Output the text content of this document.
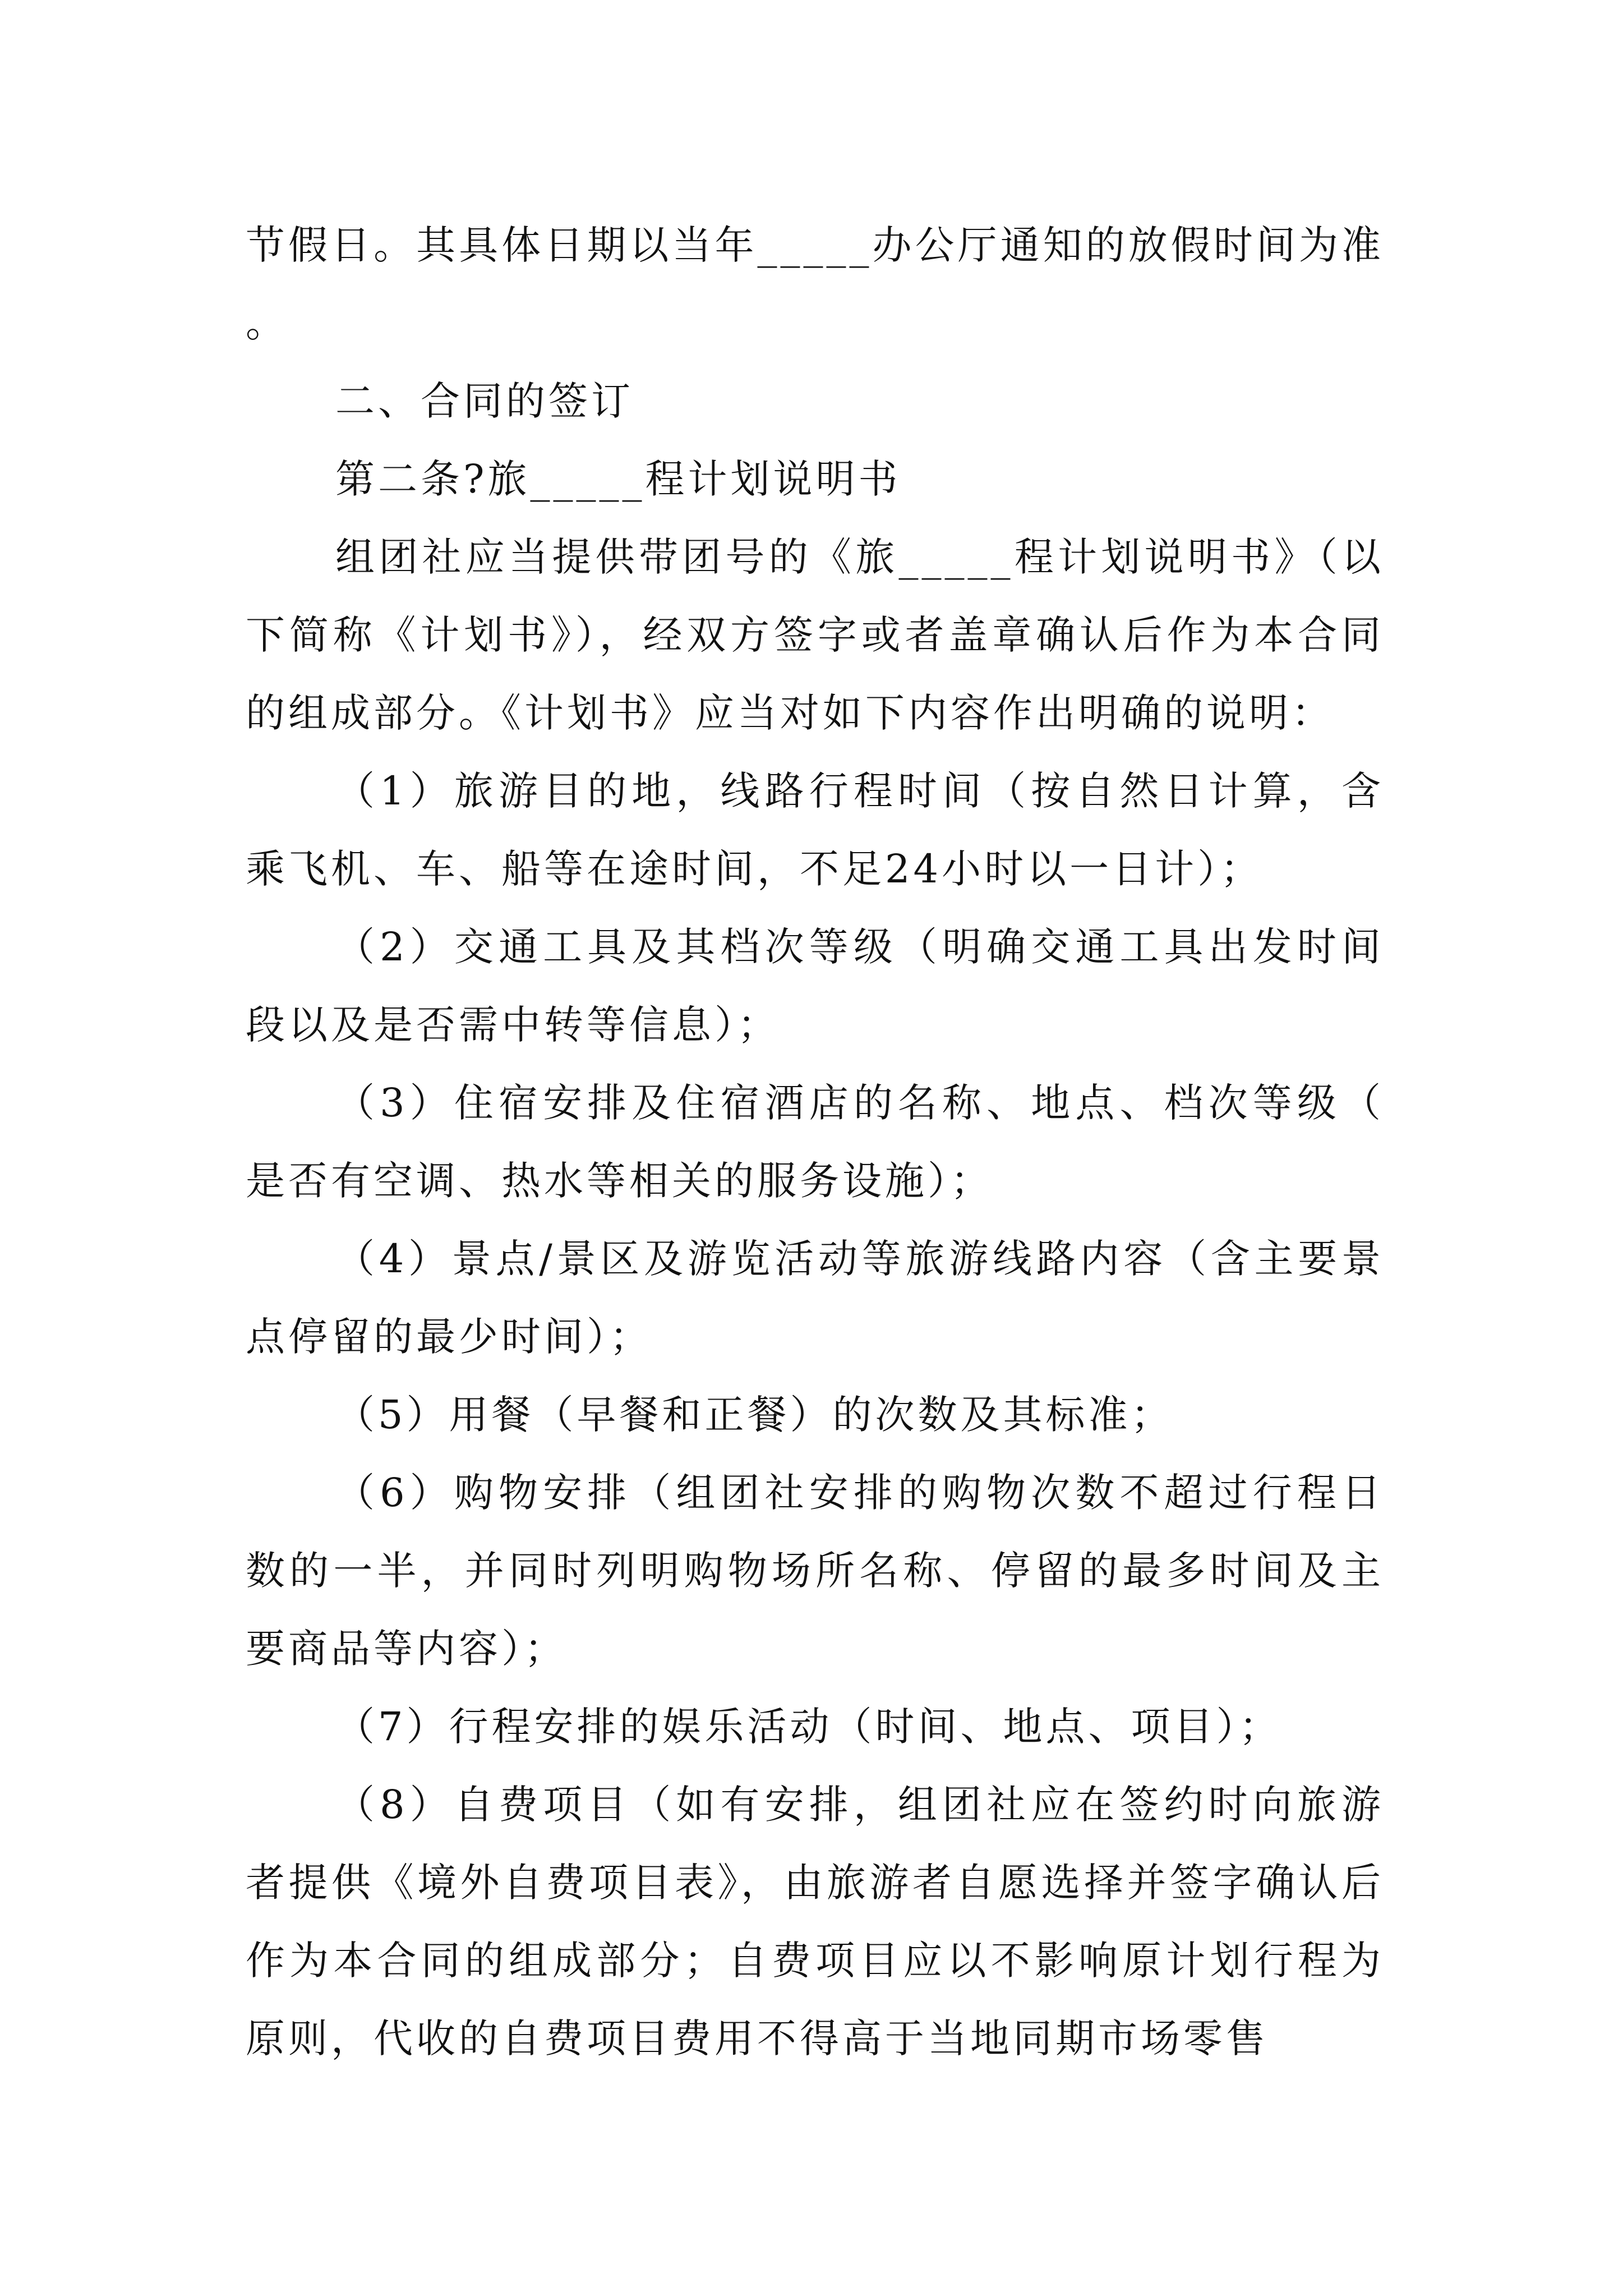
节假日。其具体日期以当年_____办公厅通知的放假时间为准。

二、合同的签订

第二条?旅_____程计划说明书

组团社应当提供带团号的《旅_____程计划说明书》（以下简称《计划书》），经双方签字或者盖章确认后作为本合同的组成部分。《计划书》应当对如下内容作出明确的说明：

（1）旅游目的地，线路行程时间（按自然日计算，含乘飞机、车、船等在途时间，不足24小时以一日计）；

（2）交通工具及其档次等级（明确交通工具出发时间段以及是否需中转等信息）；

（3）住宿安排及住宿酒店的名称、地点、档次等级（是否有空调、热水等相关的服务设施）；

（4）景点/景区及游览活动等旅游线路内容（含主要景点停留的最少时间）；

（5）用餐（早餐和正餐）的次数及其标准；

（6）购物安排（组团社安排的购物次数不超过行程日数的一半，并同时列明购物场所名称、停留的最多时间及主要商品等内容）；

（7）行程安排的娱乐活动（时间、地点、项目）；

（8）自费项目（如有安排，组团社应在签约时向旅游者提供《境外自费项目表》，由旅游者自愿选择并签字确认后作为本合同的组成部分；自费项目应以不影响原计划行程为原则，代收的自费项目费用不得高于当地同期市场零售
